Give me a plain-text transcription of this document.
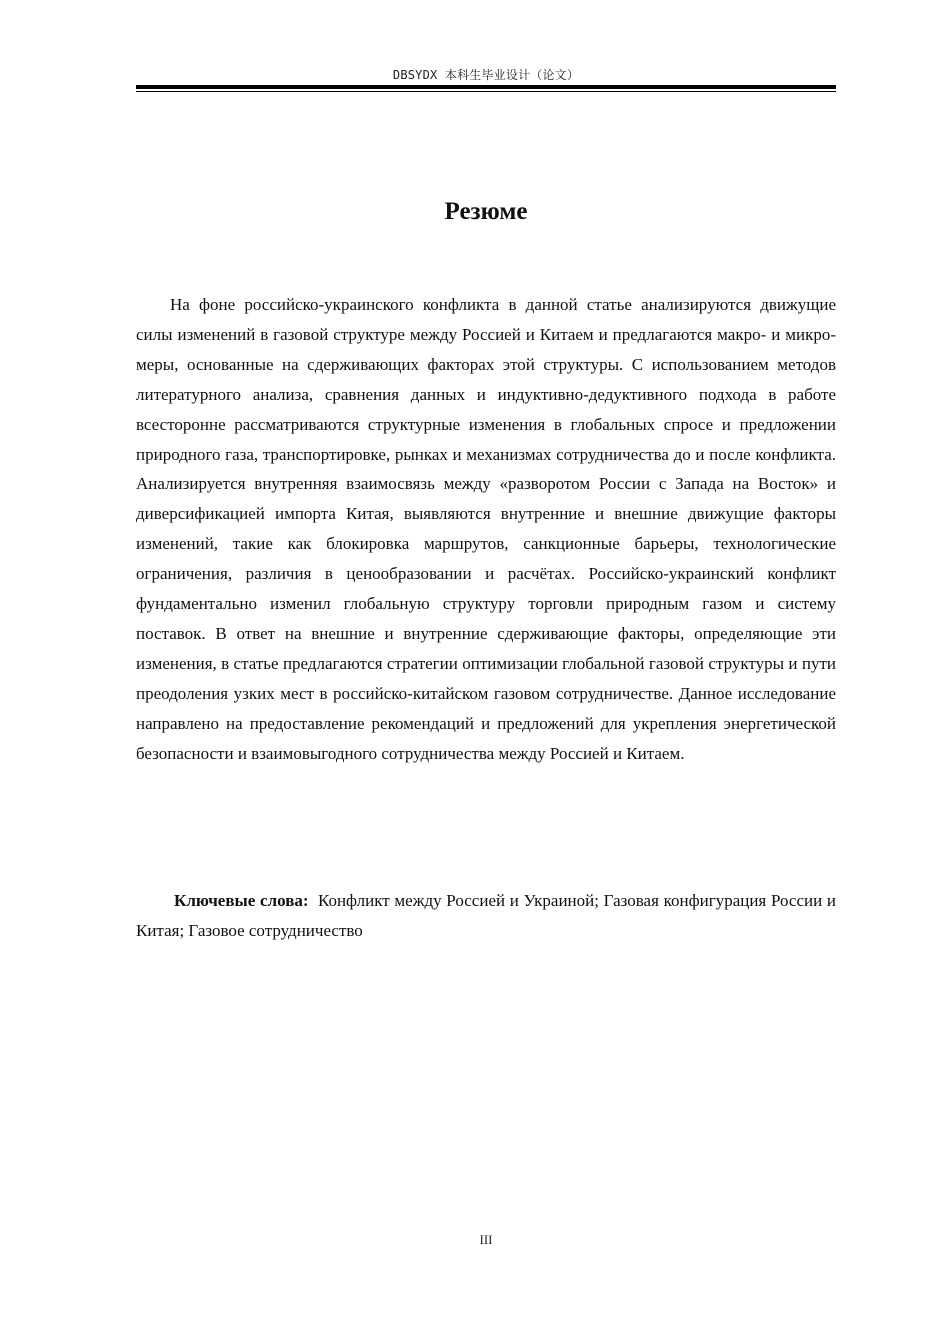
DBSYDX 本科生毕业设计（论文）
Резюме

На фоне российско-украинского конфликта в данной статье анализируются движущие силы изменений в газовой структуре между Россией и Китаем и предлагаются макро- и микро-меры, основанные на сдерживающих факторах этой структуры. С использованием методов литературного анализа, сравнения данных и индуктивно-дедуктивного подхода в работе всесторонне рассматриваются структурные изменения в глобальных спросе и предложении природного газа, транспортировке, рынках и механизмах сотрудничества до и после конфликта. Анализируется внутренняя взаимосвязь между «разворотом России с Запада на Восток» и диверсификацией импорта Китая, выявляются внутренние и внешние движущие факторы изменений, такие как блокировка маршрутов, санкционные барьеры, технологические ограничения, различия в ценообразовании и расчётах. Российско-украинский конфликт фундаментально изменил глобальную структуру торговли природным газом и систему поставок. В ответ на внешние и внутренние сдерживающие факторы, определяющие эти изменения, в статье предлагаются стратегии оптимизации глобальной газовой структуры и пути преодоления узких мест в российско-китайском газовом сотрудничестве. Данное исследование направлено на предоставление рекомендаций и предложений для укрепления энергетической безопасности и взаимовыгодного сотрудничества между Россией и Китаем.

Ключевые слова: Конфликт между Россией и Украиной; Газовая конфигурация России и Китая; Газовое сотрудничество

III
